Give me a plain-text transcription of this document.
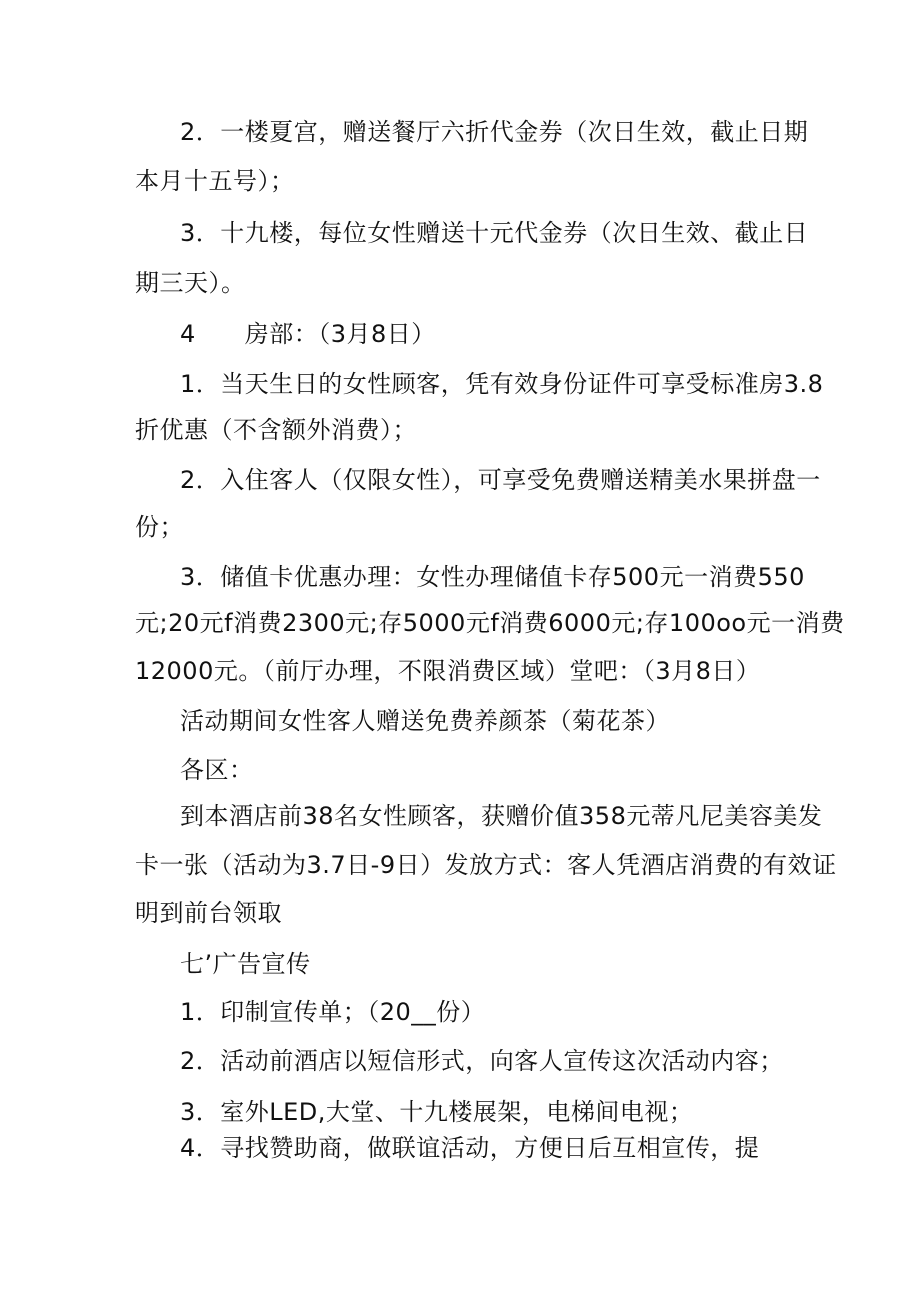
2．一楼夏宫，赠送餐厅六折代金券（次日生效，截止日期
本月十五号）；
3．十九楼，每位女性赠送十元代金券（次日生效、截止日
期三天）。
4　　房部：（3月8日）
1．当天生日的女性顾客，凭有效身份证件可享受标准房3.8
折优惠（不含额外消费）；
2．入住客人（仅限女性），可享受免费赠送精美水果拼盘一
份；
3．储值卡优惠办理：女性办理储值卡存500元一消费550
元;20元f消费2300元;存5000元f消费6000元;存100oo元一消费
12000元。（前厅办理，不限消费区域）堂吧：（3月8日）
活动期间女性客人赠送免费养颜茶（菊花茶）
各区：
到本酒店前38名女性顾客，获赠价值358元蒂凡尼美容美发
卡一张（活动为3.7日-9日）发放方式：客人凭酒店消费的有效证
明到前台领取
七’广告宣传
1．印制宣传单；（20__份）
2．活动前酒店以短信形式，向客人宣传这次活动内容；
3．室外LED,大堂、十九楼展架，电梯间电视；
4．寻找赞助商，做联谊活动，方便日后互相宣传，提
